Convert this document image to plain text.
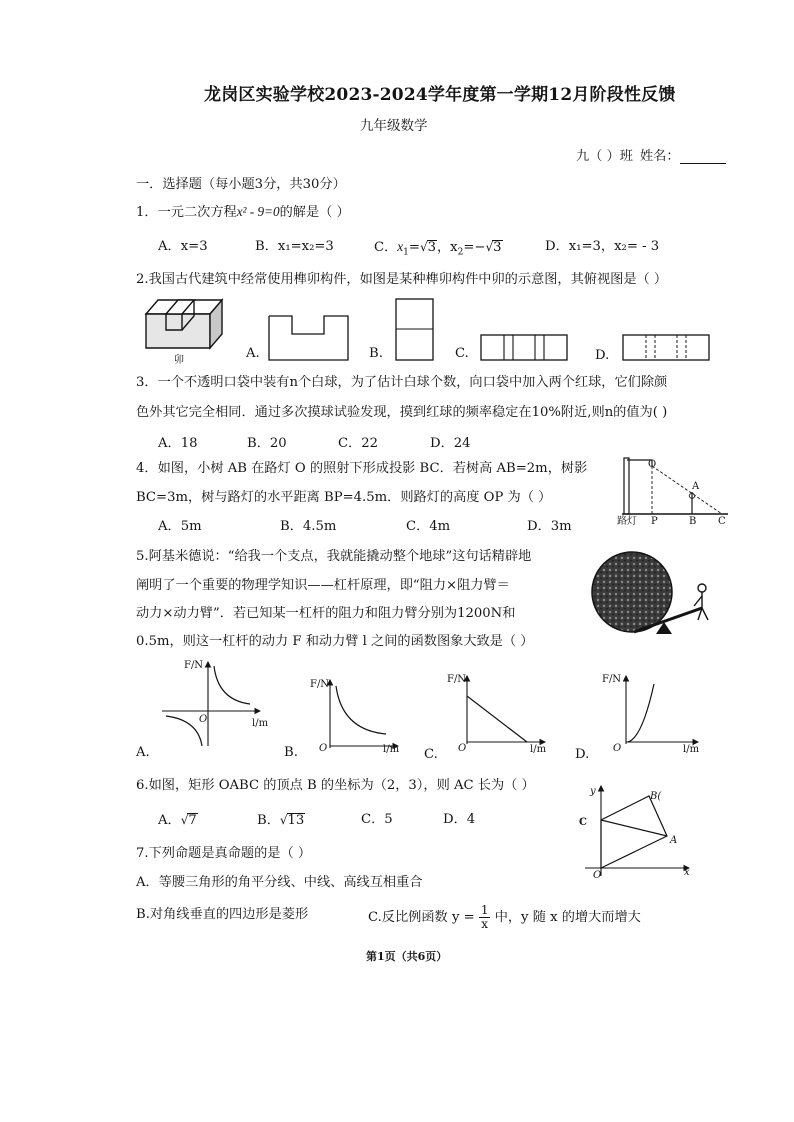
龙岗区实验学校2023-2024学年度第一学期12月阶段性反馈
九年级数学
九（ ）班 姓名：
一．选择题（每小题3分，共30分）
1．一元二次方程x² - 9=0的解是（ ）
A．x=3	B．x₁=x₂=3	C．$x_1=√3$，$x_2=-√3$	D．x₁=3，x₂= - 3
2.我国古代建筑中经常使用榫卯构件，如图是某种榫卯构件中卯的示意图，其俯视图是（ ）
卯	A.	B.	C.	D.
3．一个不透明口袋中装有n个白球，为了估计白球个数，向口袋中加入两个红球，它们除颜
色外其它完全相同．通过多次摸球试验发现，摸到红球的频率稳定在10%附近,则n的值为( )
A．18	B．20	C．22	D．24
4．如图，小树 AB 在路灯 O 的照射下形成投影 BC．若树高 AB=2m，树影
BC=3m，树与路灯的水平距离 BP=4.5m．则路灯的高度 OP 为（ ）
A．5m	B．4.5m	C．4m	D．3m
O
A
路灯 P	B C
5.阿基米德说：“给我一个支点，我就能撬动整个地球”这句话精辟地
阐明了一个重要的物理学知识——杠杆原理，即“阻力×阻力臂＝
动力×动力臂”．若已知某一杠杆的阻力和阻力臂分别为1200N和
0.5m，则这一杠杆的动力 F 和动力臂 l 之间的函数图象大致是（ ）
F/N
l/m
O
A.
F/N
l/m
O
B.
F/N
l/m
O
C.
F/N
l/m
O
D.
6.如图，矩形 OABC 的顶点 B 的坐标为（2，3），则 AC 长为（ ）
A．√7	B．√13	C．5	D．4
y	B(
C
A
O	x
7.下列命题是真命题的是（ ）
A．等腰三角形的角平分线、中线、高线互相重合
B.对角线垂直的四边形是菱形	C.反比例函数 $y = \frac{1}{x}$ 中，y 随 x 的增大而增大
第1页（共6页）
